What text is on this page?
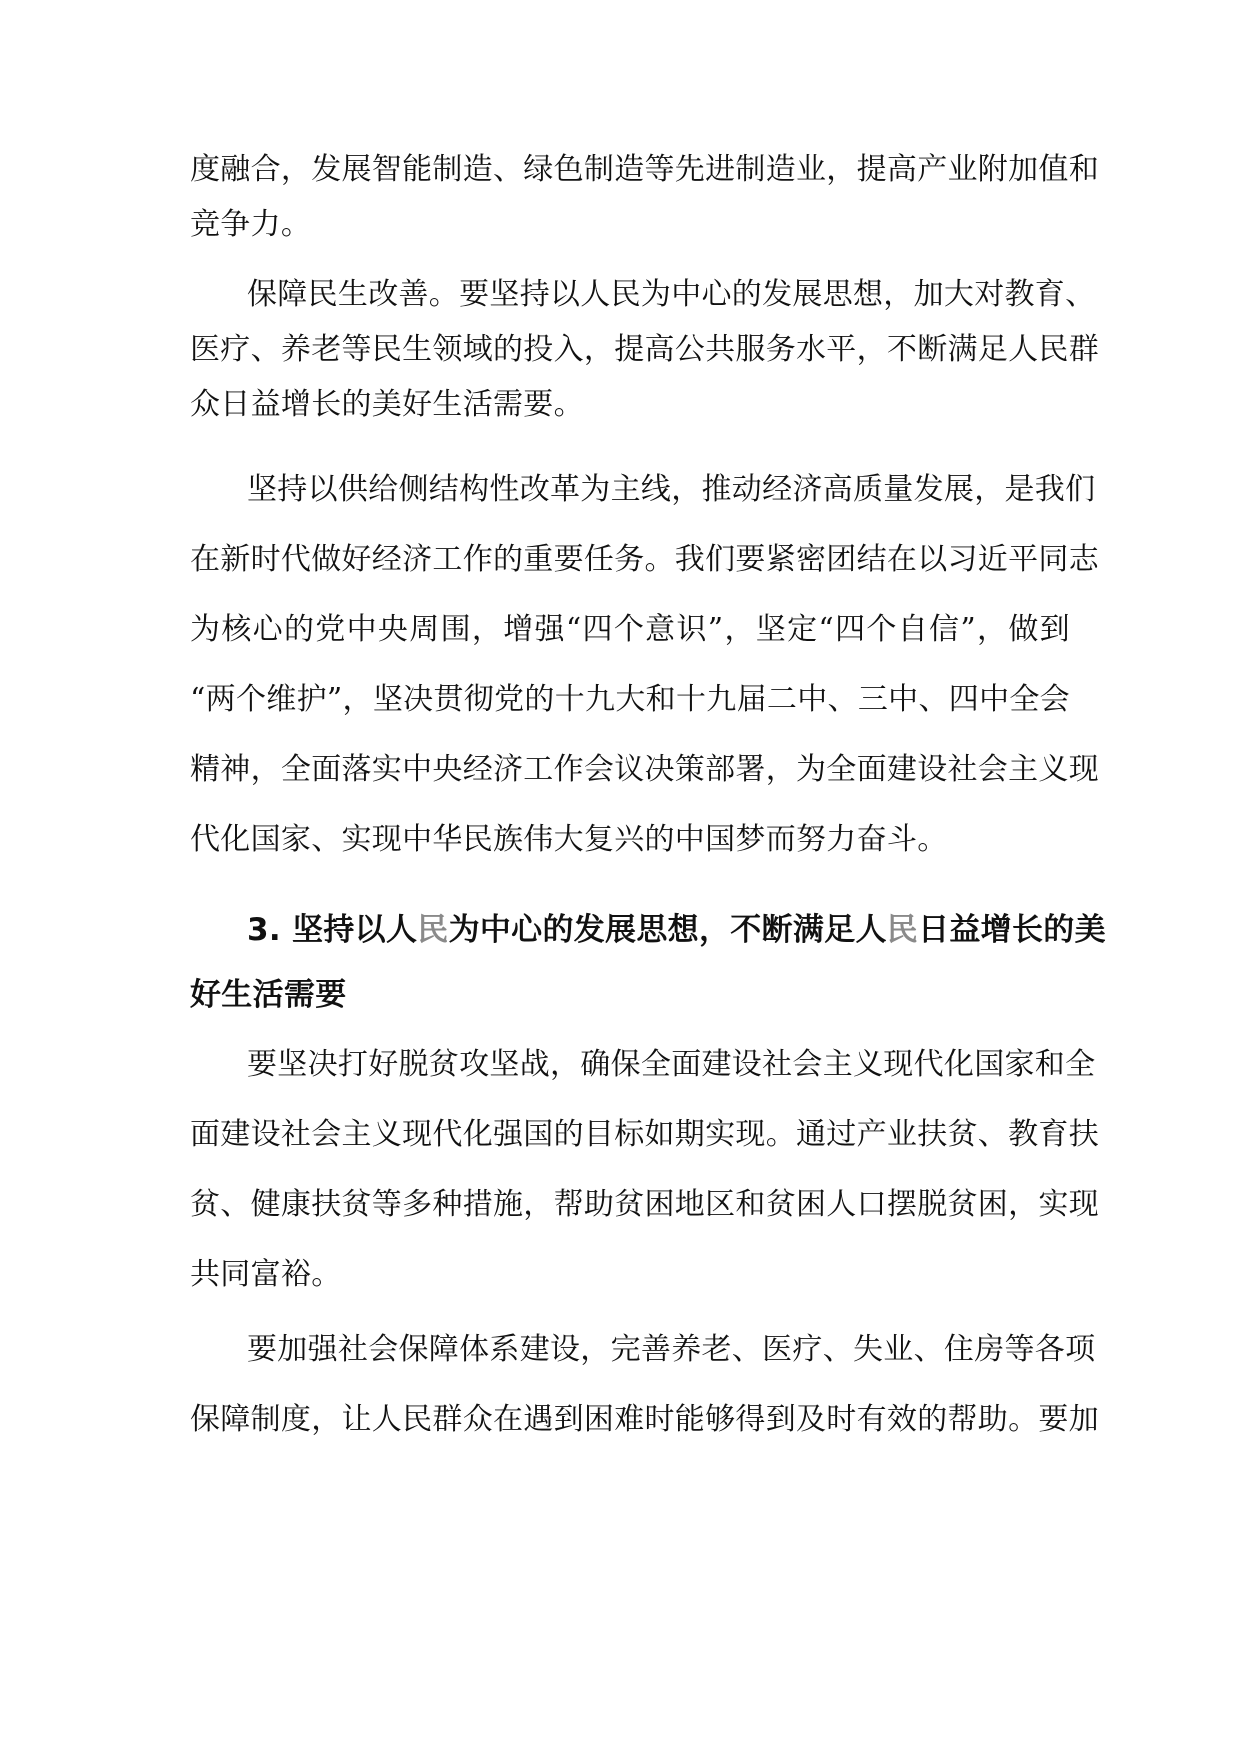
度融合，发展智能制造、绿色制造等先进制造业，提高产业附加值和
竞争力。
保障民生改善。要坚持以人民为中心的发展思想，加大对教育、
医疗、养老等民生领域的投入，提高公共服务水平，不断满足人民群
众日益增长的美好生活需要。
坚持以供给侧结构性改革为主线，推动经济高质量发展，是我们
在新时代做好经济工作的重要任务。我们要紧密团结在以习近平同志
为核心的党中央周围，增强“四个意识”，坚定“四个自信”，做到
“两个维护”，坚决贯彻党的十九大和十九届二中、三中、四中全会
精神，全面落实中央经济工作会议决策部署，为全面建设社会主义现
代化国家、实现中华民族伟大复兴的中国梦而努力奋斗。
3. 坚持以人民为中心的发展思想，不断满足人民日益增长的美
好生活需要
要坚决打好脱贫攻坚战，确保全面建设社会主义现代化国家和全
面建设社会主义现代化强国的目标如期实现。通过产业扶贫、教育扶
贫、健康扶贫等多种措施，帮助贫困地区和贫困人口摆脱贫困，实现
共同富裕。
要加强社会保障体系建设，完善养老、医疗、失业、住房等各项
保障制度，让人民群众在遇到困难时能够得到及时有效的帮助。要加
